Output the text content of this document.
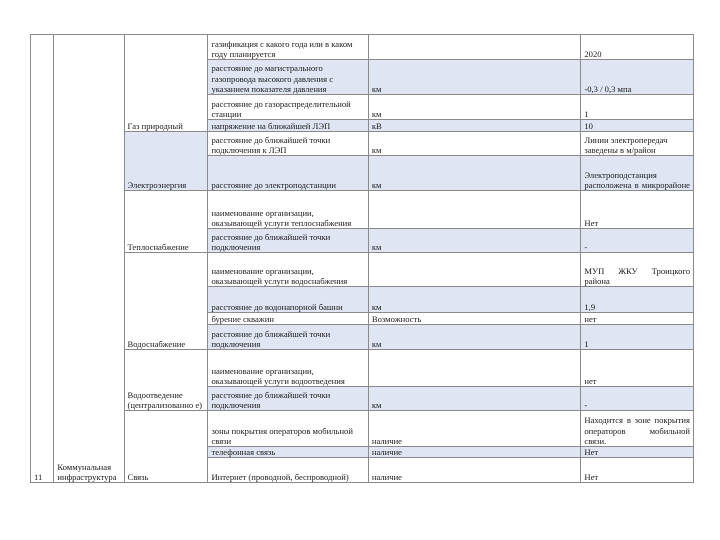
11	Коммунальная инфраструктура	Газ природный	газификация с какого года или в каком году планируется		2020
			расстояние до магистрального газопровода высокого давления с указанием показателя давления	км	-0,3 / 0,3 мпа
			расстояние до газораспределительной станции	км	1
			напряжение на ближайшей ЛЭП	кВ	10
		Электроэнергия	расстояние до ближайшей точки подключения к ЛЭП	км	Линии электропередач заведены в м/район
			расстояние до электроподстанции	км	Электроподстанция расположена в микрорайоне
		Теплоснабжение	наименование организации, оказывающей услуги теплоснабжения		Нет
			расстояние до ближайшей точки подключения	км	-
		Водоснабжение	наименование организации, оказывающей услуги водоснабжения		МУП ЖКУ Троицкого района
			расстояние до водонапорной башни	км	1,9
			бурение скважин	Возможность	нет
			расстояние до ближайшей точки подключения	км	1
		Водоотведение (централизованно е)	наименование организации, оказывающей услуги водоотведения		нет
			расстояние до ближайшей точки подключения	км	-
		Связь	зоны покрытия операторов мобильной связи	наличие	Находится в зоне покрытия операторов мобильной связи.
			телефонная связь	наличие	Нет
			Интернет (проводной, беспроводной)	наличие	Нет
